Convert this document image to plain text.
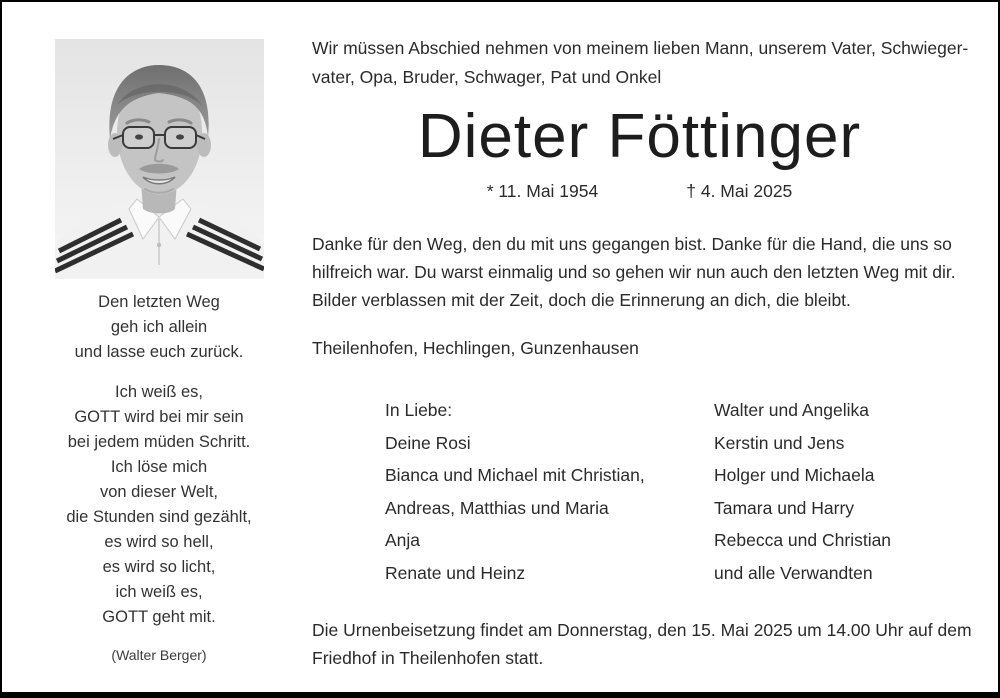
Den letzten Weg
geh ich allein
und lasse euch zurück.
Ich weiß es,
GOTT wird bei mir sein
bei jedem müden Schritt.
Ich löse mich
von dieser Welt,
die Stunden sind gezählt,
es wird so hell,
es wird so licht,
ich weiß es,
GOTT geht mit.
(Walter Berger)
Wir müssen Abschied nehmen von meinem lieben Mann, unserem Vater, Schwieger-
vater, Opa, Bruder, Schwager, Pat und Onkel
Dieter Föttinger
* 11. Mai 1954	† 4. Mai 2025
Danke für den Weg, den du mit uns gegangen bist. Danke für die Hand, die uns so
hilfreich war. Du warst einmalig und so gehen wir nun auch den letzten Weg mit dir.
Bilder verblassen mit der Zeit, doch die Erinnerung an dich, die bleibt.
Theilenhofen, Hechlingen, Gunzenhausen
In Liebe:
Deine Rosi
Bianca und Michael mit Christian, Andreas, Matthias und Maria
Anja
Renate und Heinz
Walter und Angelika
Kerstin und Jens
Holger und Michaela
Tamara und Harry
Rebecca und Christian
und alle Verwandten
Die Urnenbeisetzung findet am Donnerstag, den 15. Mai 2025 um 14.00 Uhr auf dem
Friedhof in Theilenhofen statt.
